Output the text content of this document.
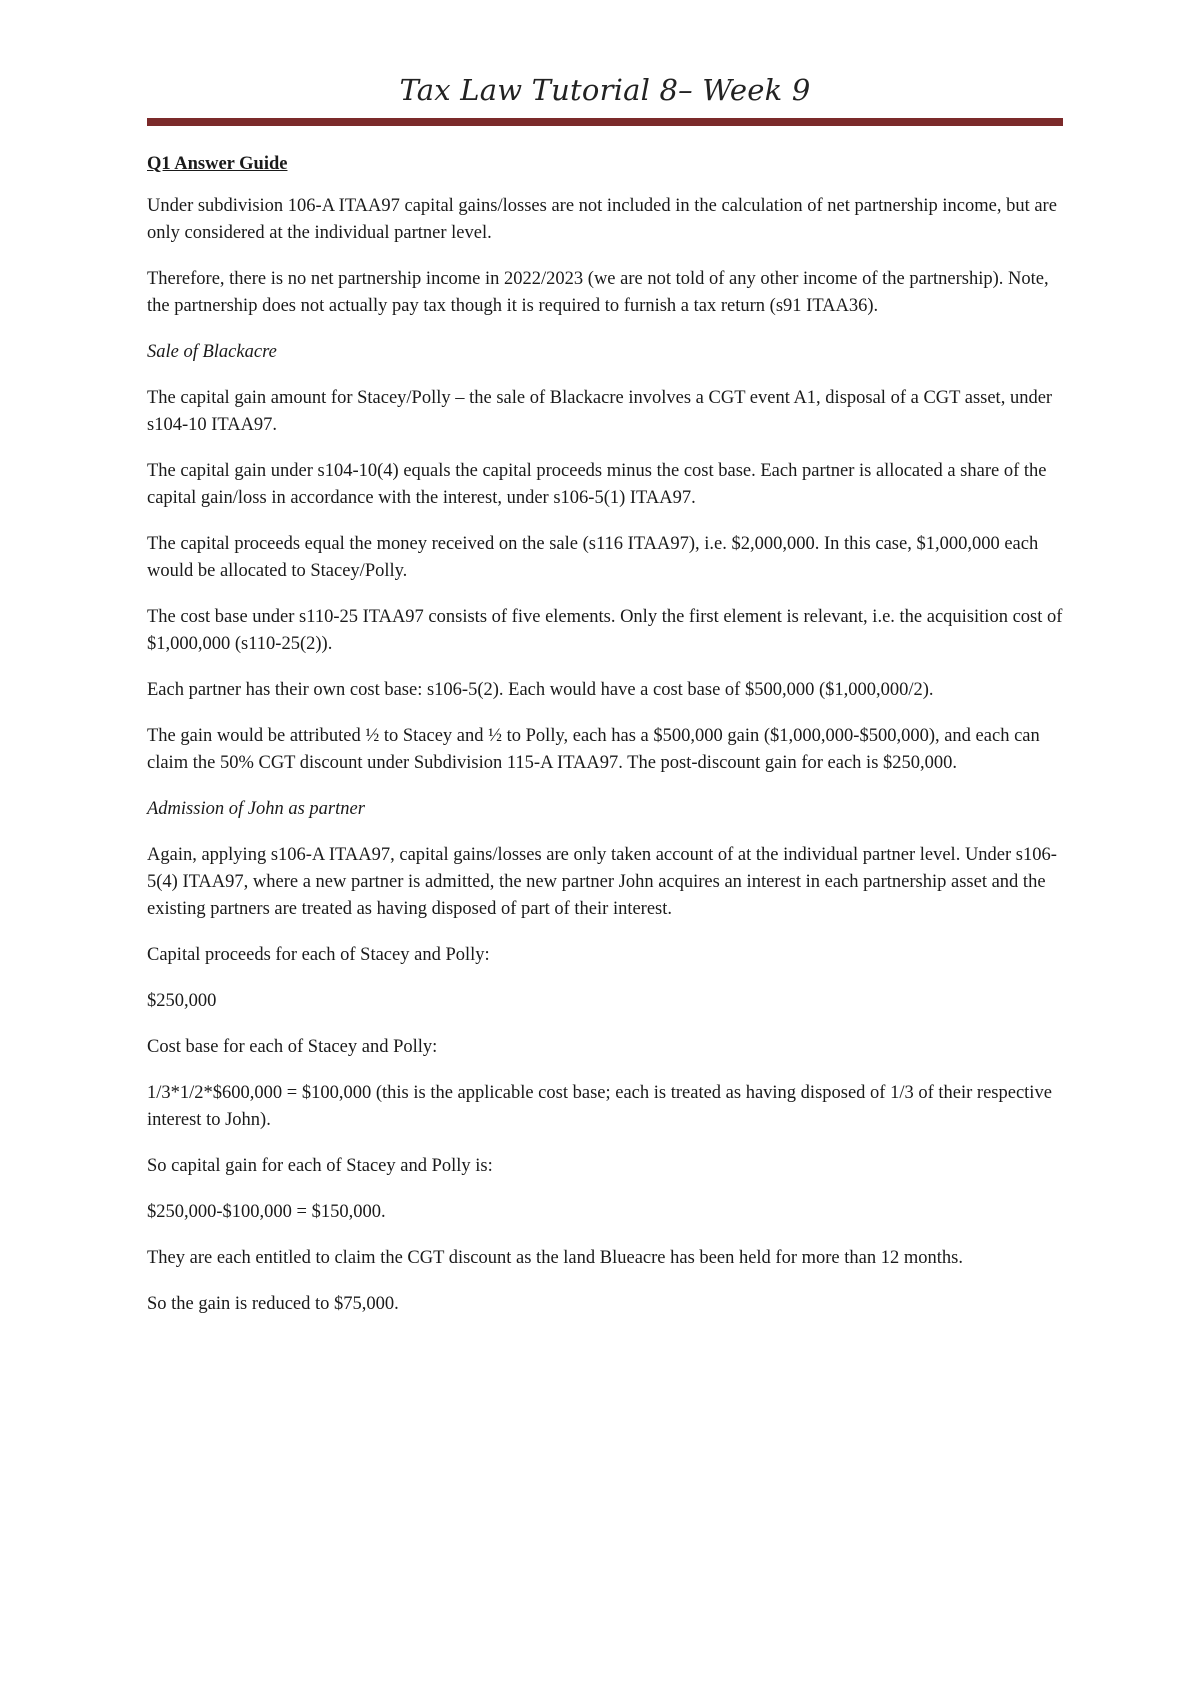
Tax Law Tutorial 8– Week 9
Q1 Answer Guide

Under subdivision 106-A ITAA97 capital gains/losses are not included in the calculation of net partnership income, but are only considered at the individual partner level.

Therefore, there is no net partnership income in 2022/2023 (we are not told of any other income of the partnership). Note, the partnership does not actually pay tax though it is required to furnish a tax return (s91 ITAA36).

Sale of Blackacre

The capital gain amount for Stacey/Polly – the sale of Blackacre involves a CGT event A1, disposal of a CGT asset, under s104-10 ITAA97.

The capital gain under s104-10(4) equals the capital proceeds minus the cost base. Each partner is allocated a share of the capital gain/loss in accordance with the interest, under s106-5(1) ITAA97.

The capital proceeds equal the money received on the sale (s116 ITAA97), i.e. $2,000,000. In this case, $1,000,000 each would be allocated to Stacey/Polly.

The cost base under s110-25 ITAA97 consists of five elements. Only the first element is relevant, i.e. the acquisition cost of $1,000,000 (s110-25(2)).

Each partner has their own cost base: s106-5(2). Each would have a cost base of $500,000 ($1,000,000/2).

The gain would be attributed ½ to Stacey and ½ to Polly, each has a $500,000 gain ($1,000,000-$500,000), and each can claim the 50% CGT discount under Subdivision 115-A ITAA97. The post-discount gain for each is $250,000.

Admission of John as partner

Again, applying s106-A ITAA97, capital gains/losses are only taken account of at the individual partner level. Under s106-5(4) ITAA97, where a new partner is admitted, the new partner John acquires an interest in each partnership asset and the existing partners are treated as having disposed of part of their interest.

Capital proceeds for each of Stacey and Polly:

$250,000

Cost base for each of Stacey and Polly:

1/3*1/2*$600,000 = $100,000 (this is the applicable cost base; each is treated as having disposed of 1/3 of their respective interest to John).

So capital gain for each of Stacey and Polly is:

$250,000-$100,000 = $150,000.

They are each entitled to claim the CGT discount as the land Blueacre has been held for more than 12 months.

So the gain is reduced to $75,000.
